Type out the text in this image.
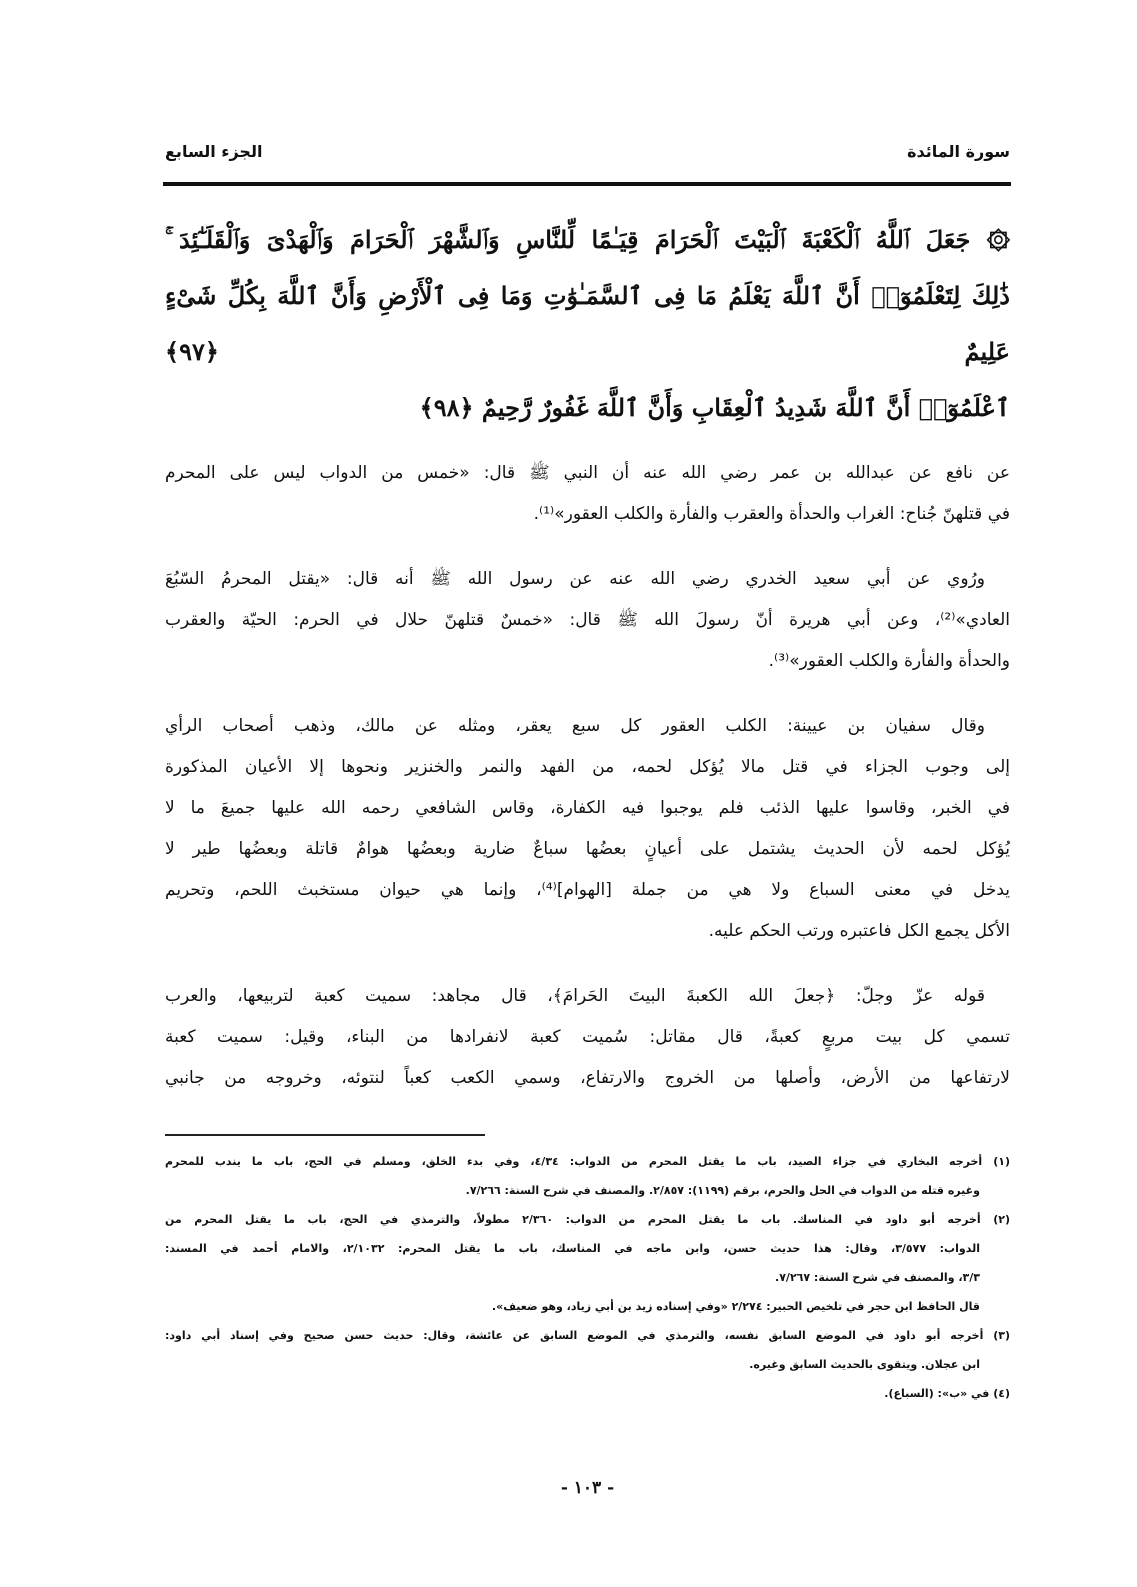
سورة المائدة
الجزء السابع
۞ جَعَلَ ٱللَّهُ ٱلْكَعْبَةَ ٱلْبَيْتَ ٱلْحَرَامَ قِيَـٰمًا لِّلنَّاسِ وَٱلشَّهْرَ ٱلْحَرَامَ وَٱلْهَدْىَ وَٱلْقَلَـٰٓئِدَ ۚ
ذَٰلِكَ لِتَعْلَمُوٓا۟ أَنَّ ٱللَّهَ يَعْلَمُ مَا فِى ٱلسَّمَـٰوَٰتِ وَمَا فِى ٱلْأَرْضِ وَأَنَّ ٱللَّهَ بِكُلِّ شَىْءٍ عَلِيمٌ ﴿٩٧﴾
ٱعْلَمُوٓا۟ أَنَّ ٱللَّهَ شَدِيدُ ٱلْعِقَابِ وَأَنَّ ٱللَّهَ غَفُورٌ رَّحِيمٌ ﴿٩٨﴾
عن نافع عن عبدالله بن عمر رضي الله عنه أن النبي ﷺ قال: «خمس من الدواب ليس على المحرم
في قتلهنّ جُناح: الغراب والحدأة والعقرب والفأرة والكلب العقور»⁽¹⁾.
ورُوي عن أبي سعيد الخدري رضي الله عنه عن رسول الله ﷺ أنه قال: «يقتل المحرمُ السّبُعَ
العادي»⁽²⁾، وعن أبي هريرة أنّ رسولَ الله ﷺ قال: «خمسٌ قتلهنّ حلال في الحرم: الحيّة والعقرب
والحدأة والفأرة والكلب العقور»⁽³⁾.
وقال سفيان بن عيينة: الكلب العقور كل سبع يعقر، ومثله عن مالك، وذهب أصحاب الرأي
إلى وجوب الجزاء في قتل مالا يُؤكل لحمه، من الفهد والنمر والخنزير ونحوها إلا الأعيان المذكورة
في الخبر، وقاسوا عليها الذئب فلم يوجبوا فيه الكفارة، وقاس الشافعي رحمه الله عليها جميعَ ما لا
يُؤكل لحمه لأن الحديث يشتمل على أعيانٍ بعضُها سباعٌ ضارية وبعضُها هوامٌ قاتلة وبعضُها طير لا
يدخل في معنى السباع ولا هي من جملة [الهوام]⁽⁴⁾، وإنما هي حيوان مستخبث اللحم، وتحريم
الأكل يجمع الكل فاعتبره ورتب الحكم عليه.
قوله عزّ وجلّ: ﴿جعلَ الله الكعبةَ البيتَ الحَرامَ﴾، قال مجاهد: سميت كعبة لتربيعها، والعرب
تسمي كل بيت مربعٍ كعبةً، قال مقاتل: سُميت كعبة لانفرادها من البناء، وقيل: سميت كعبة
لارتفاعها من الأرض، وأصلها من الخروج والارتفاع، وسمي الكعب كعباً لنتوئه، وخروجه من جانبي
(١) أخرجه البخاري في جزاء الصيد، باب ما يقتل المحرم من الدواب: ٤/٣٤، وفي بدء الخلق، ومسلم في الحج، باب ما يندب للمحرم
وغيره قتله من الدواب في الحل والحرم، برقم (١١٩٩): ٢/٨٥٧. والمصنف في شرح السنة: ٧/٢٦٦.
(٢) أخرجه أبو داود في المناسك. باب ما يقتل المحرم من الدواب: ٢/٣٦٠ مطولاً، والترمذي في الحج، باب ما يقتل المحرم من
الدواب: ٣/٥٧٧، وقال: هذا حديث حسن، وابن ماجه في المناسك، باب ما يقتل المحرم: ٢/١٠٣٢، والامام أحمد في المسند:
٣/٣، والمصنف في شرح السنة: ٧/٢٦٧.
قال الحافظ ابن حجر في تلخيص الحبير: ٢/٢٧٤ «وفي إسناده زيد بن أبي زياد، وهو ضعيف».
(٣) أخرجه أبو داود في الموضع السابق نفسه، والترمذي في الموضع السابق عن عائشة، وقال: حديث حسن صحيح وفي إسناد أبي داود:
ابن عجلان. ويتقوى بالحديث السابق وغيره.
(٤) في «ب»: (السباع).
- ١٠٣ -
